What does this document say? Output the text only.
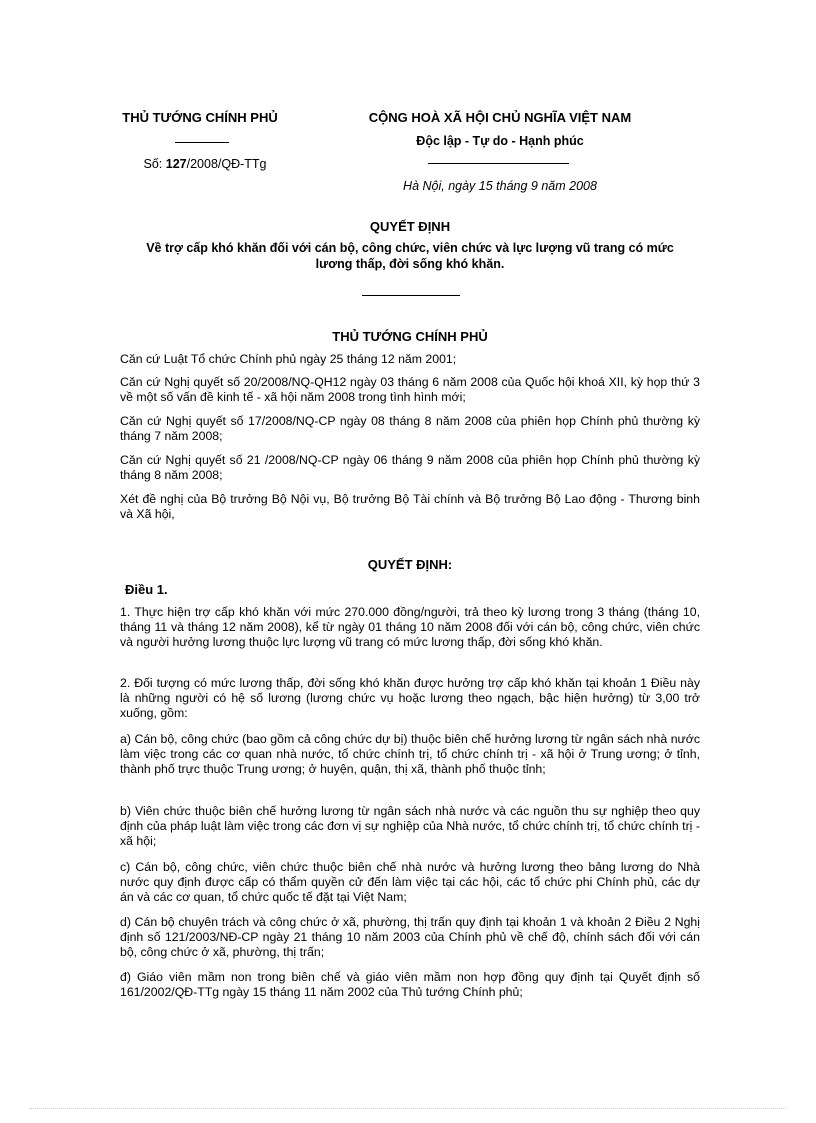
THỦ TƯỚNG CHÍNH PHỦ
Số: 127/2008/QĐ-TTg
CỘNG HOÀ XÃ HỘI CHỦ NGHĨA VIỆT NAM
Độc lập - Tự do - Hạnh phúc
Hà Nội, ngày 15 tháng 9 năm 2008
QUYẾT ĐỊNH
Về trợ cấp khó khăn đối với cán bộ, công chức, viên chức và lực lượng vũ trang có mức lương thấp, đời sống khó khăn.
THỦ TƯỚNG CHÍNH PHỦ
Căn cứ Luật Tổ chức Chính phủ ngày 25 tháng 12 năm 2001;
Căn cứ Nghị quyết số 20/2008/NQ-QH12 ngày 03 tháng 6 năm 2008 của Quốc hội khoá XII, kỳ họp thứ 3 về một số vấn đề kinh tế - xã hội năm 2008 trong tình hình mới;
Căn cứ Nghị quyết số 17/2008/NQ-CP ngày 08 tháng 8 năm 2008 của phiên họp Chính phủ thường kỳ tháng 7 năm 2008;
Căn cứ Nghị quyết số 21 /2008/NQ-CP ngày 06 tháng 9 năm 2008 của phiên họp Chính phủ thường kỳ tháng 8 năm 2008;
Xét đề nghị của Bộ trưởng Bộ Nội vụ, Bộ trưởng Bộ Tài chính và Bộ trưởng Bộ Lao động - Thương binh và Xã hội,
QUYẾT ĐỊNH:
Điều 1.
1. Thực hiện trợ cấp khó khăn với mức 270.000 đồng/người, trả theo kỳ lương trong 3 tháng (tháng 10, tháng 11 và tháng 12 năm 2008), kể từ ngày 01 tháng 10 năm 2008 đối với cán bộ, công chức, viên chức và người hưởng lương thuộc lực lượng vũ trang có mức lương thấp, đời sống khó khăn.
2. Đối tượng có mức lương thấp, đời sống khó khăn được hưởng trợ cấp khó khăn tại khoản 1 Điều này là những người có hệ số lương (lương chức vụ hoặc lương theo ngạch, bậc hiện hưởng) từ 3,00 trở xuống, gồm:
a) Cán bộ, công chức (bao gồm cả công chức dự bị) thuộc biên chế hưởng lương từ ngân sách nhà nước làm việc trong các cơ quan nhà nước, tổ chức chính trị, tổ chức chính trị - xã hội ở Trung ương; ở tỉnh, thành phố trực thuộc Trung ương; ở huyện, quận, thị xã, thành phố thuộc tỉnh;
b) Viên chức thuộc biên chế hưởng lương từ ngân sách nhà nước và các nguồn thu sự nghiệp theo quy định của pháp luật làm việc trong các đơn vị sự nghiệp của Nhà nước, tổ chức chính trị, tổ chức chính trị - xã hội;
c) Cán bộ, công chức, viên chức thuộc biên chế nhà nước và hưởng lương theo bảng lương do Nhà nước quy định được cấp có thẩm quyền cử đến làm việc tại các hội, các tổ chức phi Chính phủ, các dự án và các cơ quan, tổ chức quốc tế đặt tại Việt Nam;
d) Cán bộ chuyên trách và công chức ở xã, phường, thị trấn quy định tại khoản 1 và khoản 2 Điều 2 Nghị định số 121/2003/NĐ-CP ngày 21 tháng 10 năm 2003 của Chính phủ về chế độ, chính sách đối với cán bộ, công chức ở xã, phường, thị trấn;
đ) Giáo viên mầm non trong biên chế và giáo viên mầm non hợp đồng quy định tại Quyết định số 161/2002/QĐ-TTg ngày 15 tháng 11 năm 2002 của Thủ tướng Chính phủ;
